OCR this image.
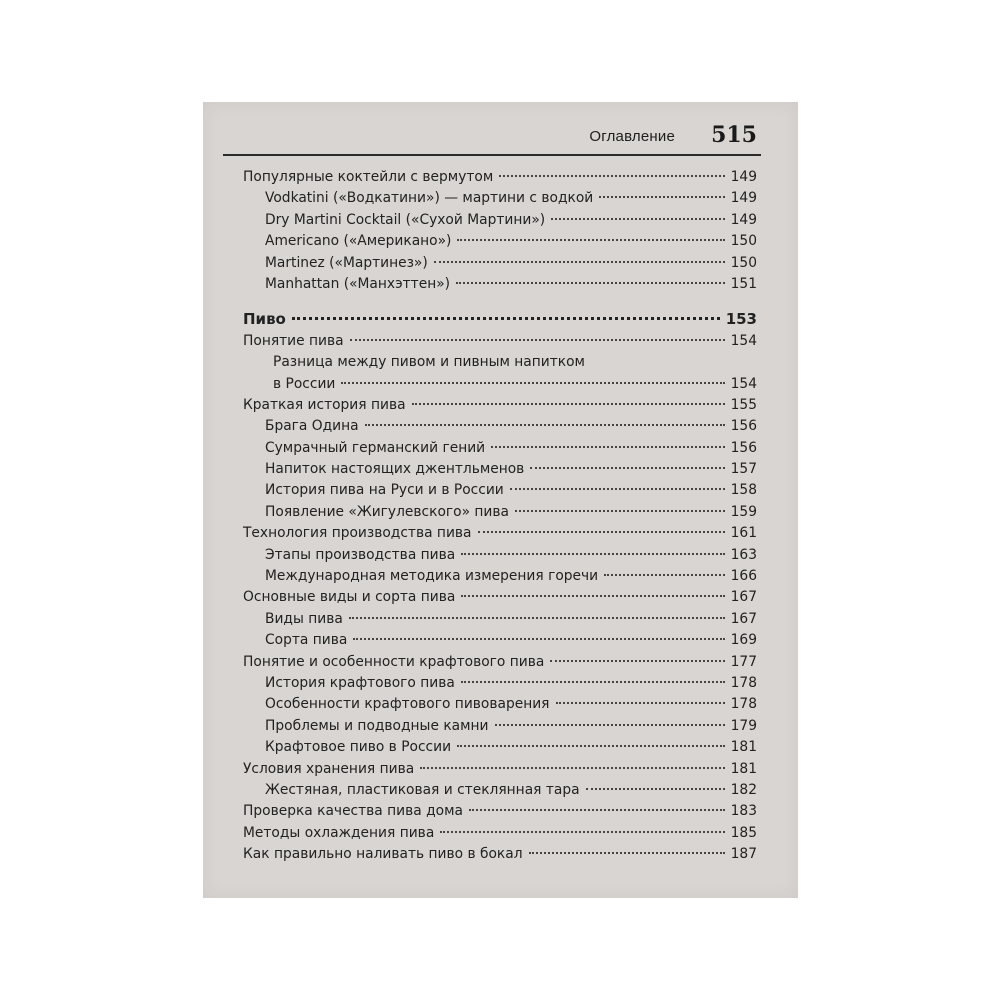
Оглавление 515
Популярные коктейли с вермутом	149
Vodkatini («Водкатини») — мартини с водкой	149
Dry Martini Cocktail («Сухой Мартини»)	149
Americano («Американо»)	150
Martinez («Мартинез»)	150
Manhattan («Манхэттен»)	151
Пиво	153
Понятие пива	154
Разница между пивом и пивным напитком
в России	154
Краткая история пива	155
Брага Одина	156
Сумрачный германский гений	156
Напиток настоящих джентльменов	157
История пива на Руси и в России	158
Появление «Жигулевского» пива	159
Технология производства пива	161
Этапы производства пива	163
Международная методика измерения горечи	166
Основные виды и сорта пива	167
Виды пива	167
Сорта пива	169
Понятие и особенности крафтового пива	177
История крафтового пива	178
Особенности крафтового пивоварения	178
Проблемы и подводные камни	179
Крафтовое пиво в России	181
Условия хранения пива	181
Жестяная, пластиковая и стеклянная тара	182
Проверка качества пива дома	183
Методы охлаждения пива	185
Как правильно наливать пиво в бокал	187
